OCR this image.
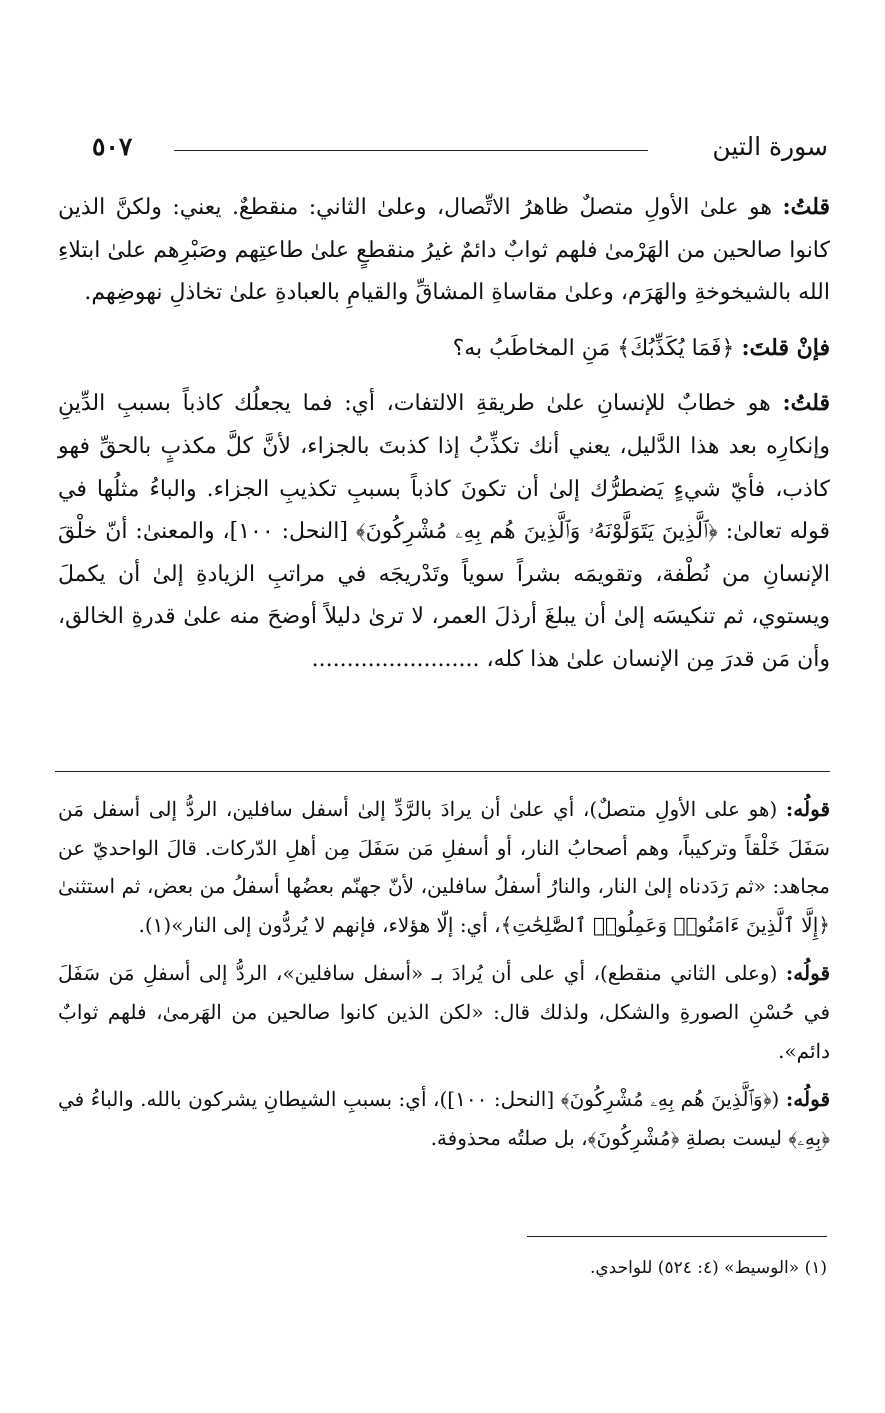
سورة التين
٥٠٧

قلتُ: هو علىٰ الأولِ متصلٌ ظاهرُ الاتِّصال، وعلىٰ الثاني: منقطعٌ. يعني: ولكنَّ الذين كانوا صالحين من الهَرْمىٰ فلهم ثوابٌ دائمٌ غيرُ منقطعٍ علىٰ طاعتِهم وصَبْرِهم علىٰ ابتلاءِ الله بالشيخوخةِ والهَرَم، وعلىٰ مقاساةِ المشاقِّ والقيامِ بالعبادةِ علىٰ تخاذلِ نهوضِهم.

فإنْ قلتَ: ﴿فَمَا يُكَذِّبُكَ﴾ مَنِ المخاطَبُ به؟

قلتُ: هو خطابٌ للإنسانِ علىٰ طريقةِ الالتفات، أي: فما يجعلُك كاذباً بسببِ الدِّينِ وإنكارِه بعد هذا الدَّليل، يعني أنك تكذِّبُ إذا كذبتَ بالجزاء، لأنَّ كلَّ مكذبٍ بالحقِّ فهو كاذب، فأيّ شيءٍ يَضطرُّك إلىٰ أن تكونَ كاذباً بسببِ تكذيبِ الجزاء. والباءُ مثلُها في قوله تعالىٰ: ﴿ٱلَّذِينَ يَتَوَلَّوْنَهُۥ وَٱلَّذِينَ هُم بِهِۦ مُشْرِكُونَ﴾ [النحل: ١٠٠]، والمعنىٰ: أنّ خلْقَ الإنسانِ من نُطْفة، وتقويمَه بشراً سوياً وتَدْريجَه في مراتبِ الزيادةِ إلىٰ أن يكملَ ويستوي، ثم تنكيسَه إلىٰ أن يبلغَ أرذلَ العمر، لا ترىٰ دليلاً أوضحَ منه علىٰ قدرةِ الخالق، وأن مَن قدرَ مِن الإنسان علىٰ هذا كله، ........................

قولُه: (هو على الأولِ متصلٌ)، أي علىٰ أن يرادَ بالرَّدِّ إلىٰ أسفل سافلين، الردُّ إلى أسفل مَن سَفَلَ خَلْقاً وتركيباً، وهم أصحابُ النار، أو أسفلِ مَن سَفَلَ مِن أهلِ الدّركات. قالَ الواحديّ عن مجاهد: «ثم رَدَدناه إلىٰ النار، والنارُ أسفلُ سافلين، لأنّ جهنّم بعضُها أسفلُ من بعض، ثم استثنىٰ ﴿إِلَّا ٱلَّذِينَ ءَامَنُوا۟ وَعَمِلُوا۟ ٱلصَّٰلِحَٰتِ﴾، أي: إلّا هؤلاء، فإنهم لا يُردُّون إلى النار»(١).

قولُه: (وعلى الثاني منقطع)، أي على أن يُرادَ بـ «أسفل سافلين»، الردُّ إلى أسفلِ مَن سَفَلَ في حُسْنِ الصورةِ والشكل، ولذلك قال: «لكن الذين كانوا صالحين من الهَرمىٰ، فلهم ثوابٌ دائم».

قولُه: (﴿وَٱلَّذِينَ هُم بِهِۦ مُشْرِكُونَ﴾ [النحل: ١٠٠])، أي: بسببِ الشيطانِ يشركون بالله. والباءُ في ﴿بِهِۦ﴾ ليست بصلةِ ﴿مُشْرِكُونَ﴾، بل صلتُه محذوفة.

(١) «الوسيط» (٤: ٥٢٤) للواحدي.
